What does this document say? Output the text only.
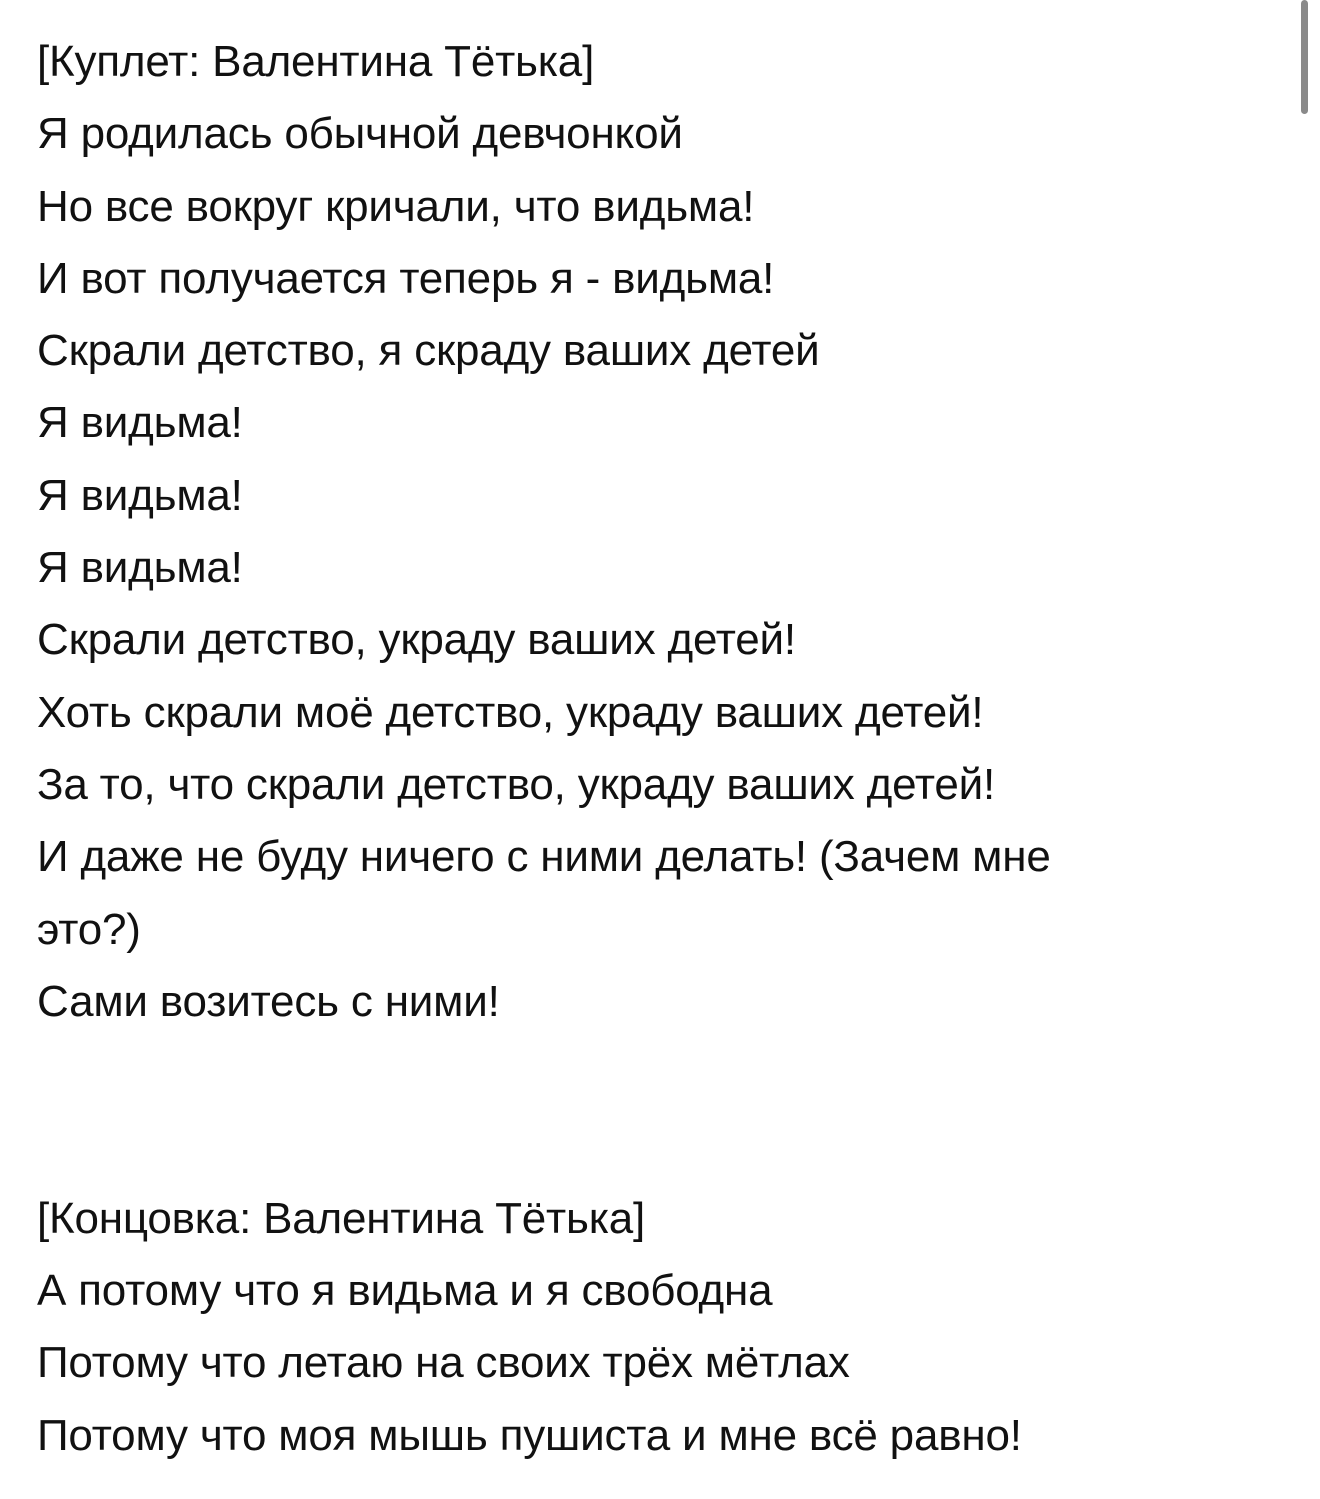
[Куплет: Валентина Тётька]
Я родилась обычной девчонкой
Но все вокруг кричали, что видьма!
И вот получается теперь я - видьма!
Скрали детство, я скраду ваших детей
Я видьма!
Я видьма!
Я видьма!
Скрали детство, украду ваших детей!
Хоть скрали моё детство, украду ваших детей!
За то, что скрали детство, украду ваших детей!
И даже не буду ничего с ними делать! (Зачем мне
это?)
Сами возитесь с ними!
[Концовка: Валентина Тётька]
А потому что я видьма и я свободна
Потому что летаю на своих трёх мётлах
Потому что моя мышь пушиста и мне всё равно!
